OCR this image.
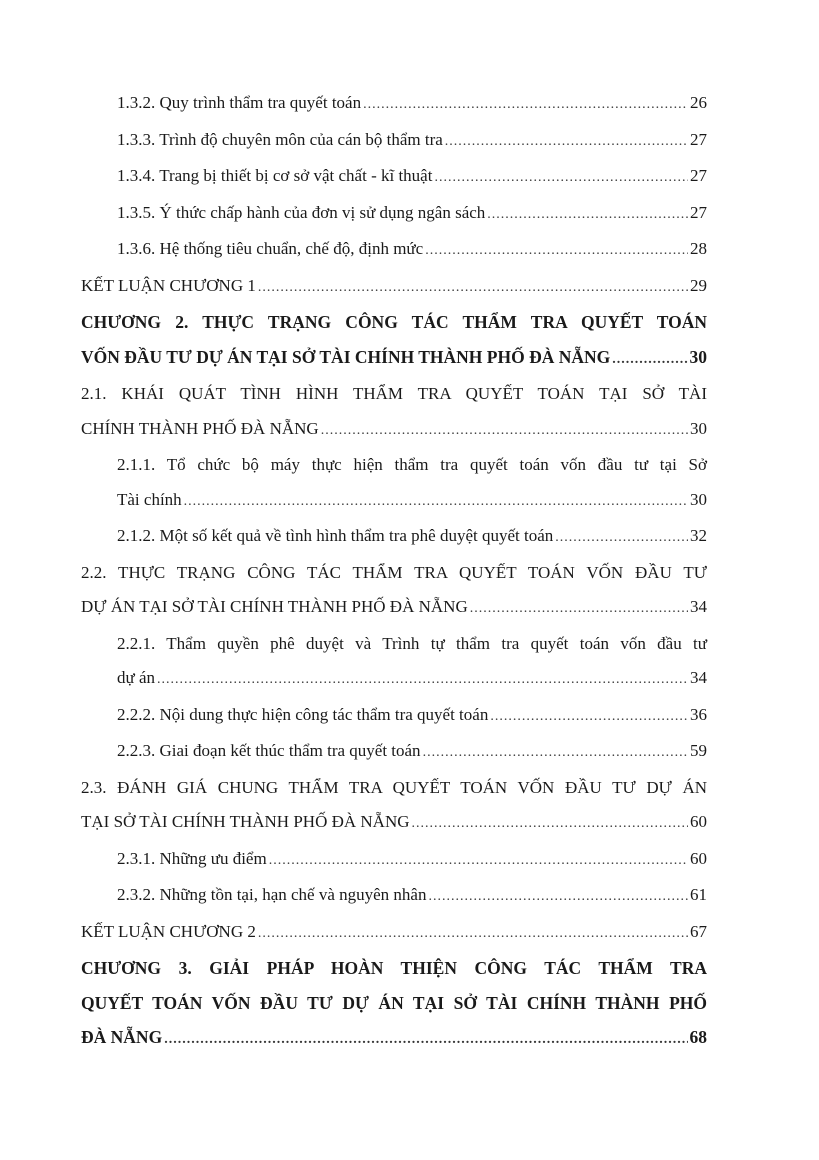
1.3.2. Quy trình thẩm tra quyết toán .....	26
1.3.3. Trình độ chuyên môn của cán bộ thẩm tra .....	27
1.3.4. Trang bị thiết bị cơ sở vật chất - kĩ thuật .....	27
1.3.5. Ý thức chấp hành của đơn vị sử dụng ngân sách .....	27
1.3.6. Hệ thống tiêu chuẩn, chế độ, định mức .....	28
KẾT LUẬN CHƯƠNG 1 .....	29
CHƯƠNG 2. THỰC TRẠNG CÔNG TÁC THẨM TRA QUYẾT TOÁN
VỐN ĐẦU TƯ DỰ ÁN TẠI SỞ TÀI CHÍNH THÀNH PHỐ ĐÀ NẴNG .....	30
2.1. KHÁI QUÁT TÌNH HÌNH THẨM TRA QUYẾT TOÁN TẠI SỞ TÀI
CHÍNH THÀNH PHỐ ĐÀ NẴNG .....	30
2.1.1. Tổ chức bộ máy thực hiện thẩm tra quyết toán vốn đầu tư tại Sở
Tài chính .....	30
2.1.2. Một số kết quả về tình hình thẩm tra phê duyệt quyết toán .....	32
2.2. THỰC TRẠNG CÔNG TÁC THẨM TRA QUYẾT TOÁN VỐN ĐẦU TƯ
DỰ ÁN TẠI SỞ TÀI CHÍNH THÀNH PHỐ ĐÀ NẴNG .....	34
2.2.1. Thẩm quyền phê duyệt và Trình tự thẩm tra quyết toán vốn đầu tư
dự án .....	34
2.2.2. Nội dung thực hiện công tác thẩm tra quyết toán .....	36
2.2.3. Giai đoạn kết thúc thẩm tra quyết toán .....	59
2.3. ĐÁNH GIÁ CHUNG THẨM TRA QUYẾT TOÁN VỐN ĐẦU TƯ DỰ ÁN
TẠI SỞ TÀI CHÍNH THÀNH PHỐ ĐÀ NẴNG .....	60
2.3.1. Những ưu điểm .....	60
2.3.2. Những tồn tại, hạn chế và nguyên nhân .....	61
KẾT LUẬN CHƯƠNG 2 .....	67
CHƯƠNG 3. GIẢI PHÁP HOÀN THIỆN CÔNG TÁC THẨM TRA
QUYẾT TOÁN VỐN ĐẦU TƯ DỰ ÁN TẠI SỞ TÀI CHÍNH THÀNH PHỐ
ĐÀ NẴNG .....	68
